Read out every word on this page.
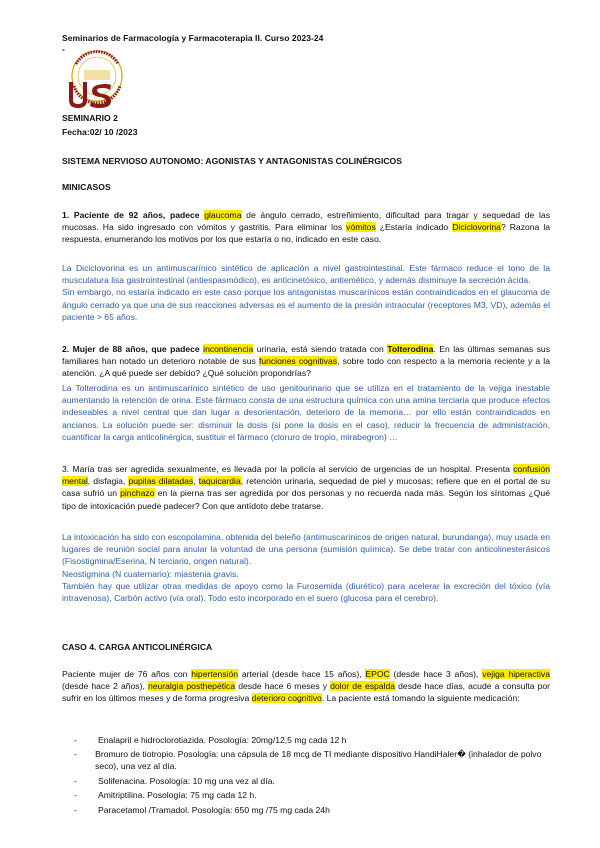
Seminarios de Farmacología y Farmacoterapia II. Curso 2023-24
-
SEMINARIO 2
Fecha:02/ 10 /2023
SISTEMA NERVIOSO AUTONOMO: AGONISTAS Y ANTAGONISTAS COLINÉRGICOS
MINICASOS

1. Paciente de 92 años, padece glaucoma de ángulo cerrado, estreñimiento, dificultad para tragar y sequedad de las mucosas. Ha sido ingresado con vómitos y gastritis. Para eliminar los vómitos ¿Estaría indicado Diciclovorina? Razona la respuesta, enumerando los motivos por los que estaría o no, indicado en este caso.

La Diciclovorina es un antimuscarínico sintético de aplicación a nivel gastrointestinal. Este fármaco reduce el tono de la musculatura lisa gastrointestinal (antiespasmódico), es anticinetósico, antiemético, y además disminuye la secreción ácida.

Sin embargo, no estaría indicado en este caso porque los antagonistas muscarínicos están contraindicados en el glaucoma de ángulo cerrado ya que una de sus reacciones adversas es el aumento de la presión intraocular (receptores M3, VD), además el paciente > 65 años.

2. Mujer de 88 años, que padece incontinencia urinaria, está siendo tratada con Tolterodina. En las últimas semanas sus familiares han notado un deterioro notable de sus funciones cognitivas, sobre todo con respecto a la memoria reciente y a la atención. ¿A qué puede ser debido? ¿Qué solución propondrías?

La Tolterodina es un antimuscarínico sintético de uso genitourinario que se utiliza en el tratamiento de la vejiga inestable aumentando la retención de orina. Este fármaco consta de una estructura química con una amina terciaria que produce efectos indeseables a nivel central que dan lugar a desorientación, deterioro de la memoria… por ello están contraindicados en ancianos. La solución puede ser: disminuir la dosis (si pone la dosis en el caso), reducir la frecuencia de administración, cuantificar la carga anticolinérgica, sustituir el fármaco (cloruro de tropio, mirabegron) …

3. María tras ser agredida sexualmente, es llevada por la policía al servicio de urgencias de un hospital. Presenta confusión mental, disfagia, pupilas dilatadas, taquicardia, retención urinaria, sequedad de piel y mucosas; refiere que en el portal de su casa sufrió un pinchazo en la pierna tras ser agredida por dos personas y no recuerda nada más. Según los síntomas ¿Qué tipo de intoxicación puede padecer? Con que antídoto debe tratarse.

La intoxicación ha sido con escopolamina, obtenida del beleño (antimuscarínicos de origen natural, burundanga), muy usada en lugares de reunión social para anular la voluntad de una persona (sumisión química). Se debe tratar con anticolinesterásicos (Fisostigmina/Eserina, N terciario, origen natural).

Neostigmina (N cuaternario): miastenia gravis.

También hay que utilizar otras medidas de apoyo como la Furosemida (diurético) para acelerar la excreción del tóxico (vía intravenosa), Carbón activo (vía oral). Todo esto incorporado en el suero (glucosa para el cerebro).

CASO 4. CARGA ANTICOLINÉRGICA

Paciente mujer de 76 años con hipertensión arterial (desde hace 15 años), EPOC (desde hace 3 años), vejiga hiperactiva (desde hace 2 años), neuralgia posthepética desde hace 6 meses y dolor de espalda desde hace días, acude a consulta por sufrir en los últimos meses y de forma progresiva deterioro cognitivo. La paciente está tomando la siguiente medicación:

-	Enalapril e hidroclorotiazida. Posología: 20mg/12,5 mg cada 12 h
-	Bromuro de tiotropio. Posología: una cápsula de 18 mcg de TI mediante dispositivo HandiHaler� (inhalador de polvo seco), una vez al día.
-	Solifenacina. Posología: 10 mg una vez al día.
-	Amitriptilina. Posología: 75 mg cada 12 h.
-	Paracetamol /Tramadol. Posología: 650 mg /75 mg cada 24h
